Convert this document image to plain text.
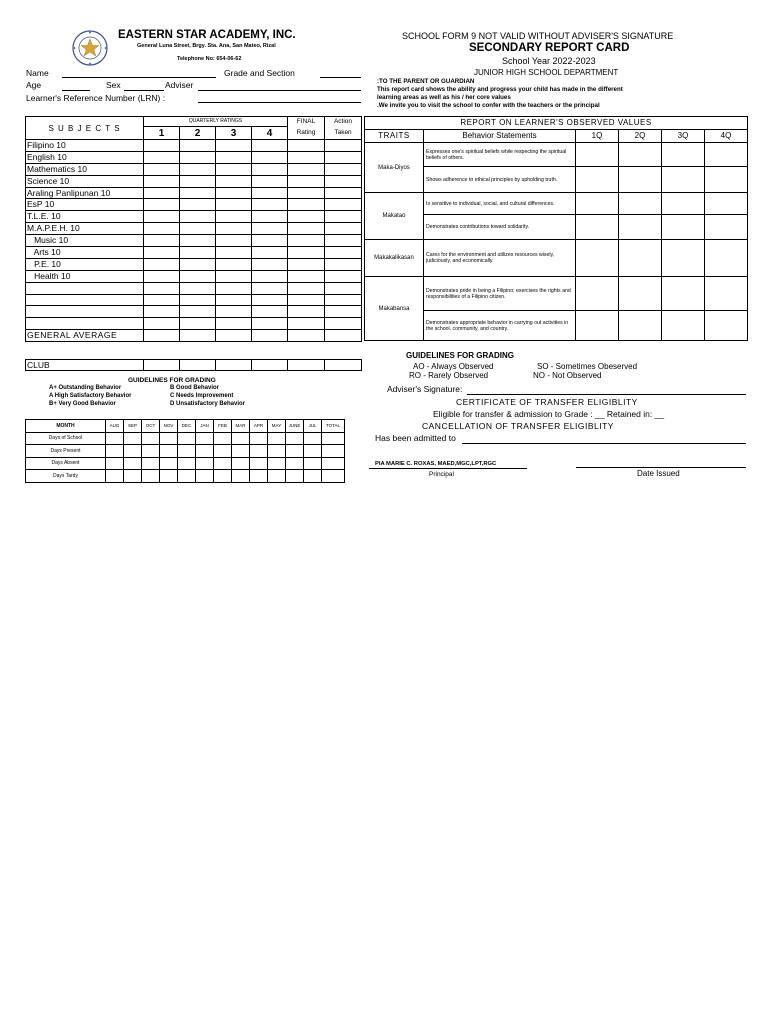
EASTERN STAR ACADEMY, INC.
General Luna Street, Brgy. Sta. Ana, San Mateo, Rizal
Telephone No: 654-06-62
Name	Grade and Section
Age	Sex	Adviser
Learner's Reference Number (LRN) :
SCHOOL FORM 9 NOT VALID WITHOUT ADVISER'S SIGNATURE
SECONDARY REPORT CARD
School Year 2022-2023
JUNIOR HIGH SCHOOL DEPARTMENT
:TO THE PARENT OR GUARDIAN
This report card shows the ability and progress your child has made in the different
learning areas as well as his / her core values
.We invite you to visit the school to confer with the teachers or the principal
S U B J E C T S	QUARTERLY RATINGS				FINAL	Action
	1	2	3	4	Rating	Taken
Filipino 10						
English 10						
Mathematics 10						
Science 10						
Araling Panlipunan 10						
EsP 10						
T.L.E. 10						
M.A.P.E.H. 10						
Music 10						
Arts 10						
P.E. 10						
Health 10						

GENERAL AVERAGE						
CLUB						
GUIDELINES FOR GRADING
A+ Outstanding Behavior
A High Satisfactory Behavior
B+ Very Good Behavior
B Good Behavior
C Needs Improvement
D Unsatisfactory Behavior
MONTH	AUG	SEP	OCT	NOV	DEC	JAN	FEB	MAR	APR	MAY	JUNE	JUL	TOTAL
Days of School													
Days Present													
Days Absent													
Days Tardy													
REPORT ON LEARNER'S OBSERVED VALUES					
TRAITS	Behavior Statements	1Q	2Q	3Q	4Q
Maka-Diyos	Expresses one's spiritual beliefs while respecting the spiritual beliefs of others.				
	Shows adherence to ethical principles by upholding truth.				
Makatao	Is sensitive to individual, social, and cultural differences.				
	Demonstrates contributions toward solidarity.				
Makakalikasan	Cares for the environment and utilizes resources wisely, judiciously, and economically.				
Makabansa	Demonstrates pride in being a Filipino; exercises the rights and responsibilities of a Filipino citizen.				
	Demonstrates appropriate behavior in carrying out activities in the school, community, and country.				
GUIDELINES FOR GRADING
AO - Always Observed	SO - Sometimes Obeserved
RO - Rarely Observed	NO - Not Observed
Adviser's Signature:
CERTIFICATE OF TRANSFER ELIGIBLITY
Eligible for transfer & admission to Grade : __ Retained in: __
CANCELLATION OF TRANSFER ELIGIBLITY
Has been admitted to
PIA MARIE C. ROXAS, MAED,MGC,LPT,RGC
Principal	Date Issued
